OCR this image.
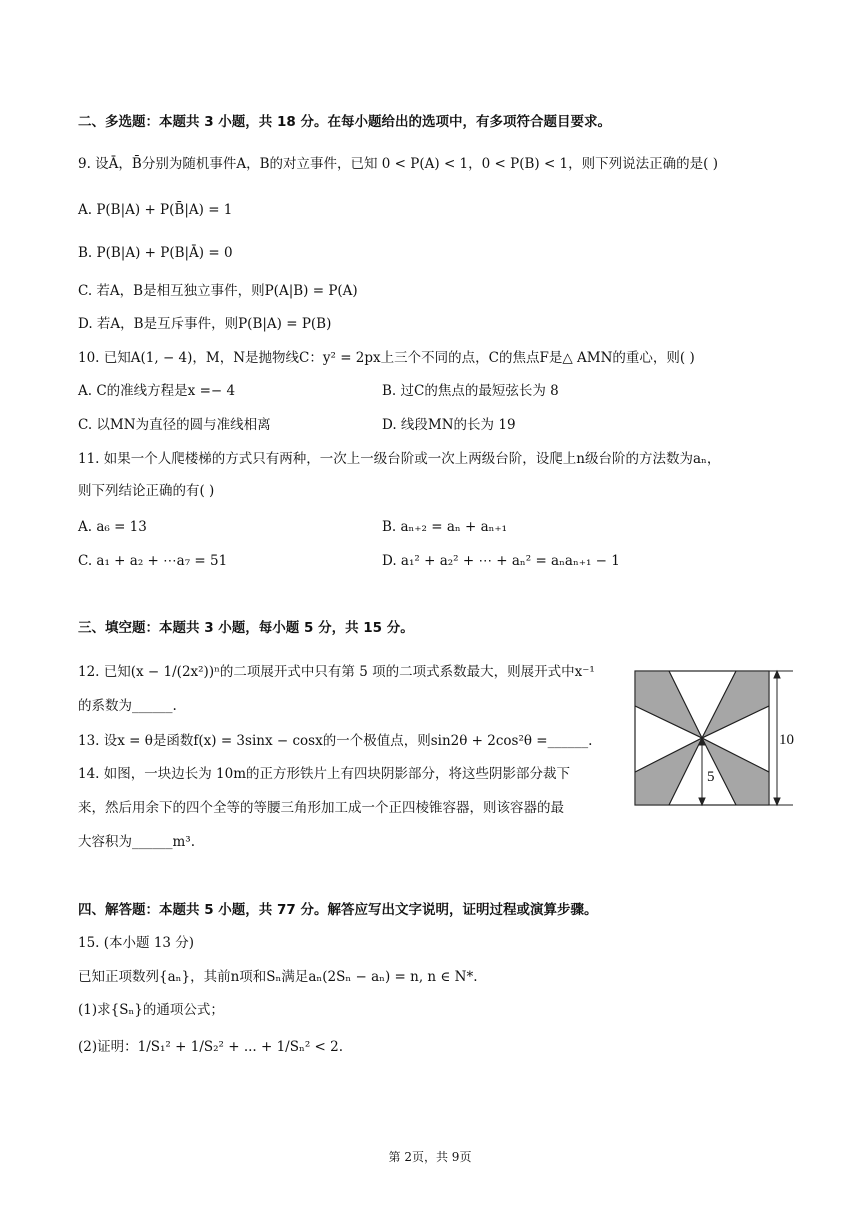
二、多选题：本题共 3 小题，共 18 分。在每小题给出的选项中，有多项符合题目要求。
9. 设Ā，B̄分别为随机事件A，B的对立事件，已知 0 < P(A) < 1，0 < P(B) < 1，则下列说法正确的是( )
A. P(B|A) + P(B̄|A) = 1
B. P(B|A) + P(B|Ā) = 0
C. 若A，B是相互独立事件，则P(A|B) = P(A)
D. 若A，B是互斥事件，则P(B|A) = P(B)
10. 已知A(1, − 4)，M，N是抛物线C：y² = 2px上三个不同的点，C的焦点F是△ AMN的重心，则( )
A. C的准线方程是x =− 4	B. 过C的焦点的最短弦长为 8
C. 以MN为直径的圆与准线相离	D. 线段MN的长为 19
11. 如果一个人爬楼梯的方式只有两种，一次上一级台阶或一次上两级台阶，设爬上n级台阶的方法数为aₙ，
则下列结论正确的有( )
A. a₆ = 13	B. aₙ₊₂ = aₙ + aₙ₊₁
C. a₁ + a₂ + ⋯a₇ = 51	D. a₁² + a₂² + ⋯ + aₙ² = aₙaₙ₊₁ − 1
三、填空题：本题共 3 小题，每小题 5 分，共 15 分。
12. 已知(x − 1/(2x²))ⁿ的二项展开式中只有第 5 项的二项式系数最大，则展开式中x⁻¹
的系数为______.
13. 设x = θ是函数f(x) = 3sinx − cosx的一个极值点，则sin2θ + 2cos²θ =______.
14. 如图，一块边长为 10m的正方形铁片上有四块阴影部分，将这些阴影部分裁下
来，然后用余下的四个全等的等腰三角形加工成一个正四棱锥容器，则该容器的最
大容积为______m³.
10
5
四、解答题：本题共 5 小题，共 77 分。解答应写出文字说明，证明过程或演算步骤。
15. (本小题 13 分)
已知正项数列{aₙ}，其前n项和Sₙ满足aₙ(2Sₙ − aₙ) = n, n ∈ N*.
(1)求{Sₙ}的通项公式；
(2)证明：1/S₁² + 1/S₂² + ... + 1/Sₙ² < 2.
第 2页，共 9页
